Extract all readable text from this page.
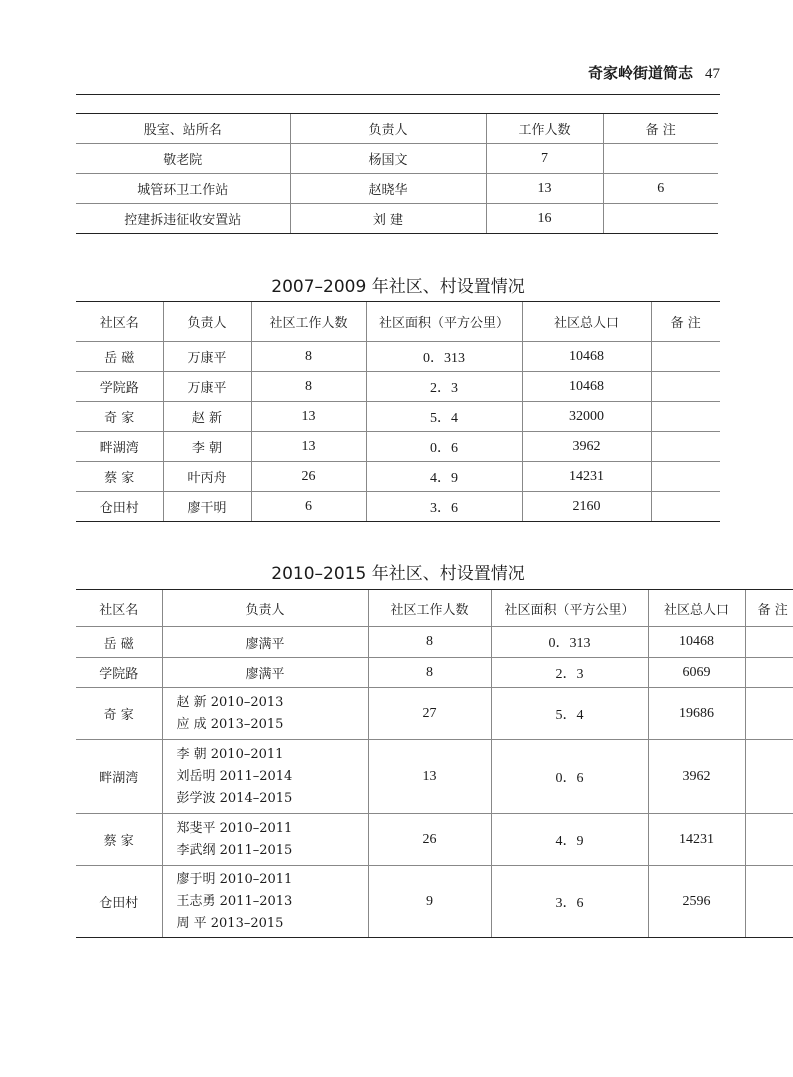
奇家岭街道简志 47
股室、站所名	负责人	工作人数	备 注
敬老院	杨国文	7	
城管环卫工作站	赵晓华	13	6
控建拆违征收安置站	刘 建	16	
2007–2009 年社区、村设置情况
社区名	负责人	社区工作人数	社区面积（平方公里）	社区总人口	备 注
岳 磁	万康平	8	0．313	10468	
学院路	万康平	8	2．3	10468	
奇 家	赵 新	13	5．4	32000	
畔湖湾	李 朝	13	0．6	3962	
蔡 家	叶丙舟	26	4．9	14231	
仓田村	廖干明	6	3．6	2160	
2010–2015 年社区、村设置情况
社区名	负责人	社区工作人数	社区面积（平方公里）	社区总人口	备 注
岳 磁	廖满平	8	0．313	10468	
学院路	廖满平	8	2．3	6069	
奇 家	赵 新 2010–2013
应 成 2013–2015	27	5．4	19686	
畔湖湾	李 朝 2010–2011
刘岳明 2011–2014
彭学波 2014–2015	13	0．6	3962	
蔡 家	郑斐平 2010–2011
李武纲 2011–2015	26	4．9	14231	
仓田村	廖于明 2010–2011
王志勇 2011–2013
周 平 2013–2015	9	3．6	2596	
